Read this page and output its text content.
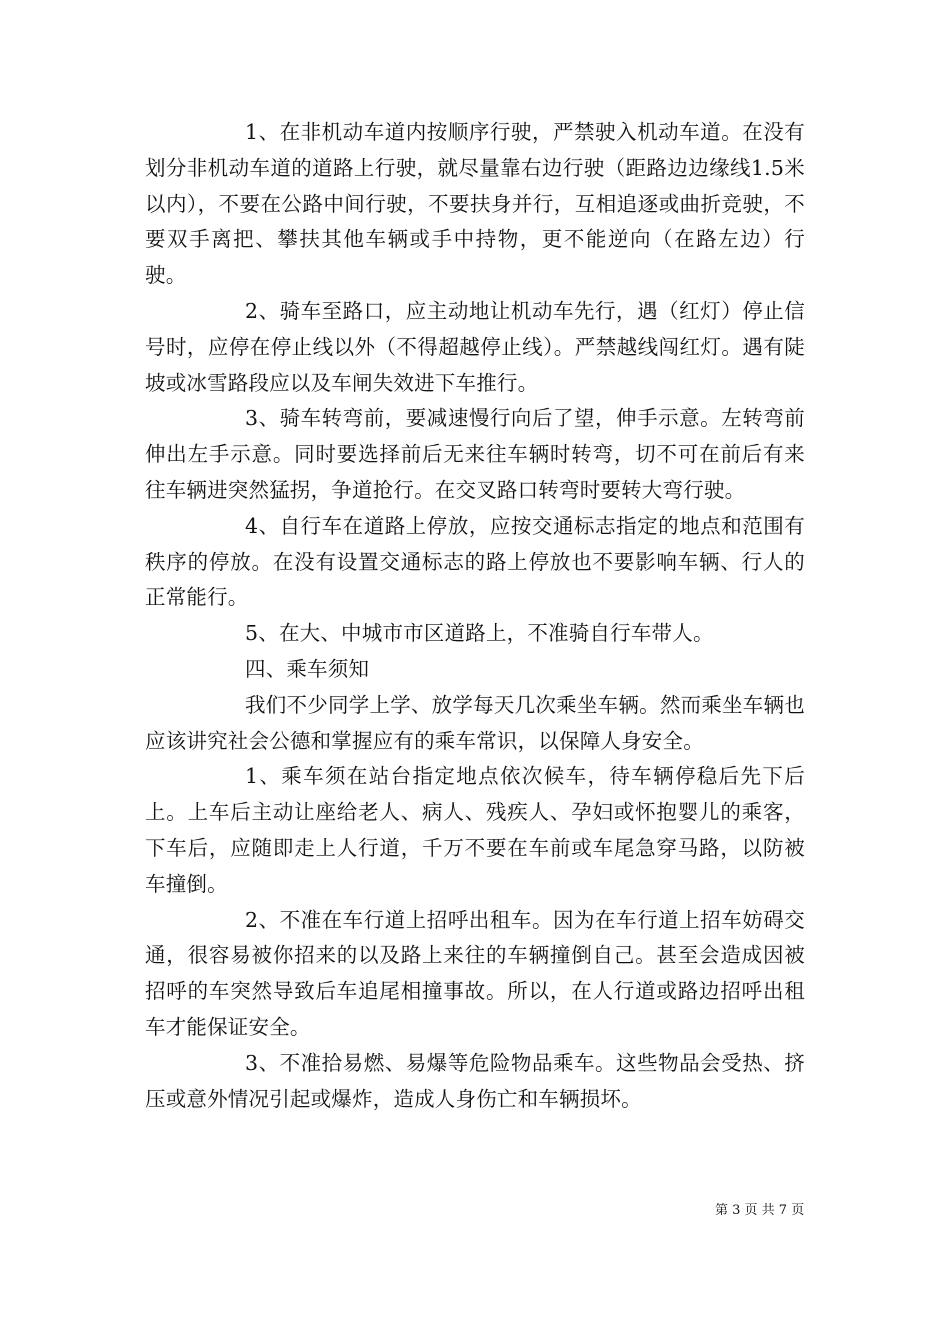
1、在非机动车道内按顺序行驶，严禁驶入机动车道。在没有划分非机动车道的道路上行驶，就尽量靠右边行驶（距路边边缘线1.5米以内），不要在公路中间行驶，不要扶身并行，互相追逐或曲折竞驶，不要双手离把、攀扶其他车辆或手中持物，更不能逆向（在路左边）行驶。

2、骑车至路口，应主动地让机动车先行，遇（红灯）停止信号时，应停在停止线以外（不得超越停止线）。严禁越线闯红灯。遇有陡坡或冰雪路段应以及车闸失效进下车推行。

3、骑车转弯前，要减速慢行向后了望，伸手示意。左转弯前伸出左手示意。同时要选择前后无来往车辆时转弯，切不可在前后有来往车辆进突然猛拐，争道抢行。在交叉路口转弯时要转大弯行驶。

4、自行车在道路上停放，应按交通标志指定的地点和范围有秩序的停放。在没有设置交通标志的路上停放也不要影响车辆、行人的正常能行。

5、在大、中城市市区道路上，不准骑自行车带人。

四、乘车须知

我们不少同学上学、放学每天几次乘坐车辆。然而乘坐车辆也应该讲究社会公德和掌握应有的乘车常识，以保障人身安全。

1、乘车须在站台指定地点依次候车，待车辆停稳后先下后上。上车后主动让座给老人、病人、残疾人、孕妇或怀抱婴儿的乘客，下车后，应随即走上人行道，千万不要在车前或车尾急穿马路，以防被车撞倒。

2、不准在车行道上招呼出租车。因为在车行道上招车妨碍交通，很容易被你招来的以及路上来往的车辆撞倒自己。甚至会造成因被招呼的车突然导致后车追尾相撞事故。所以，在人行道或路边招呼出租车才能保证安全。

3、不准拾易燃、易爆等危险物品乘车。这些物品会受热、挤压或意外情况引起或爆炸，造成人身伤亡和车辆损坏。

第 3 页 共 7 页
